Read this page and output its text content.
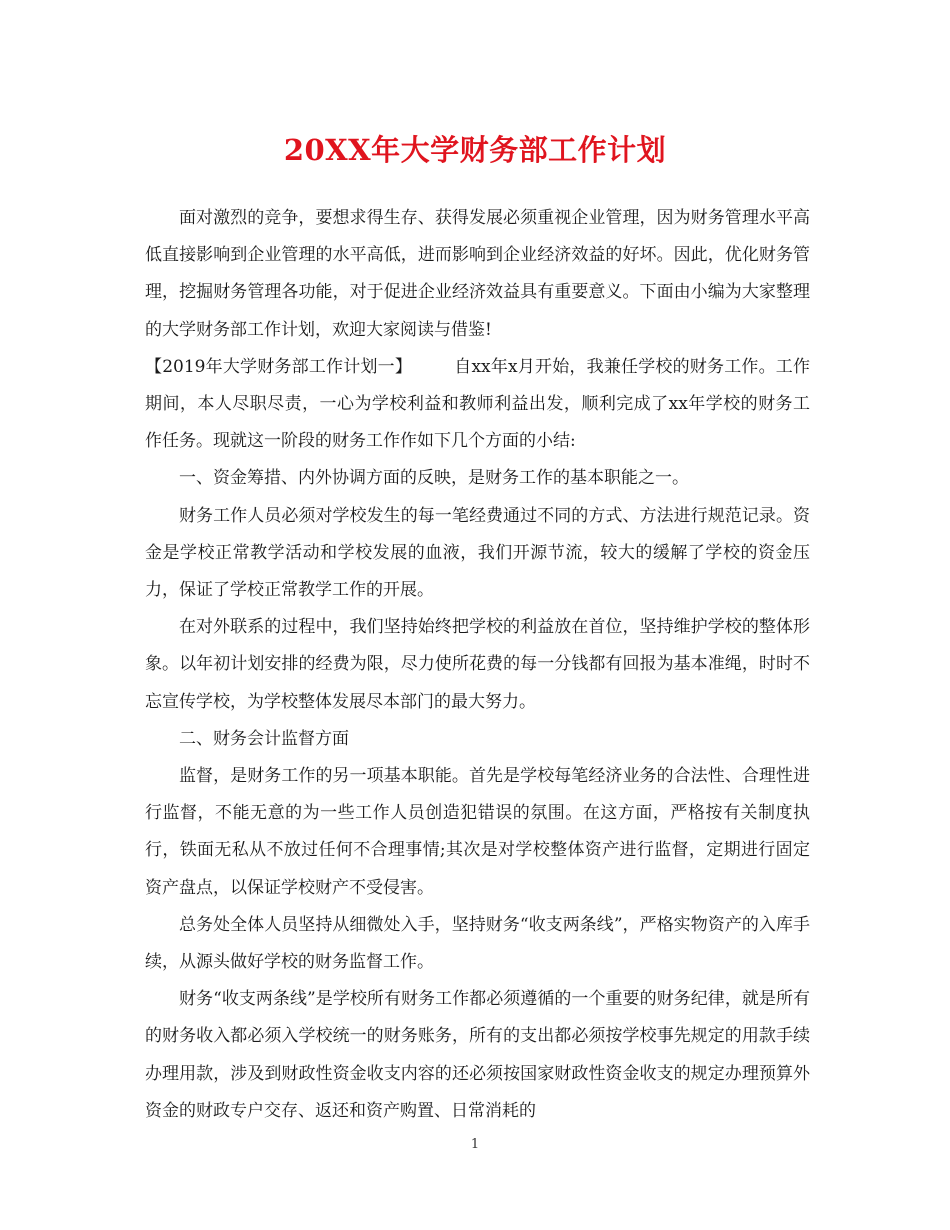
20XX年大学财务部工作计划

面对激烈的竞争，要想求得生存、获得发展必须重视企业管理，因为财务管理水平高低直接影响到企业管理的水平高低，进而影响到企业经济效益的好坏。因此，优化财务管理，挖掘财务管理各功能，对于促进企业经济效益具有重要意义。下面由小编为大家整理的大学财务部工作计划，欢迎大家阅读与借鉴!

【2019年大学财务部工作计划一】 自xx年x月开始，我兼任学校的财务工作。工作期间，本人尽职尽责，一心为学校利益和教师利益出发，顺利完成了xx年学校的财务工作任务。现就这一阶段的财务工作作如下几个方面的小结:

一、资金筹措、内外协调方面的反映，是财务工作的基本职能之一。

财务工作人员必须对学校发生的每一笔经费通过不同的方式、方法进行规范记录。资金是学校正常教学活动和学校发展的血液，我们开源节流，较大的缓解了学校的资金压力，保证了学校正常教学工作的开展。

在对外联系的过程中，我们坚持始终把学校的利益放在首位，坚持维护学校的整体形象。以年初计划安排的经费为限，尽力使所花费的每一分钱都有回报为基本准绳，时时不忘宣传学校，为学校整体发展尽本部门的最大努力。

二、财务会计监督方面

监督，是财务工作的另一项基本职能。首先是学校每笔经济业务的合法性、合理性进行监督，不能无意的为一些工作人员创造犯错误的氛围。在这方面，严格按有关制度执行，铁面无私从不放过任何不合理事情;其次是对学校整体资产进行监督，定期进行固定资产盘点，以保证学校财产不受侵害。

总务处全体人员坚持从细微处入手，坚持财务“收支两条线”，严格实物资产的入库手续，从源头做好学校的财务监督工作。

财务“收支两条线”是学校所有财务工作都必须遵循的一个重要的财务纪律，就是所有的财务收入都必须入学校统一的财务账务，所有的支出都必须按学校事先规定的用款手续办理用款，涉及到财政性资金收支内容的还必须按国家财政性资金收支的规定办理预算外资金的财政专户交存、返还和资产购置、日常消耗的

1
